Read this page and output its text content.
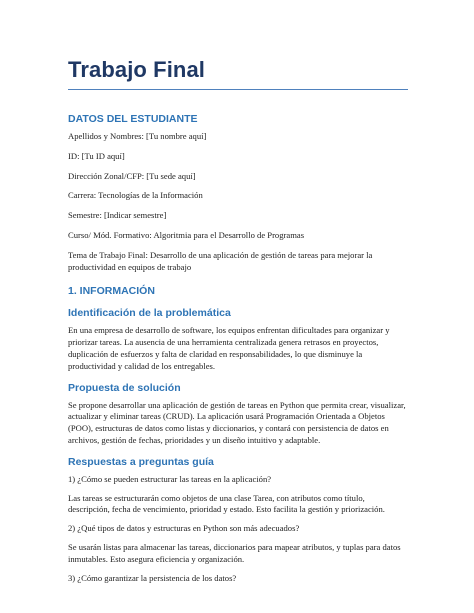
Trabajo Final
DATOS DEL ESTUDIANTE

Apellidos y Nombres: [Tu nombre aquí]

ID: [Tu ID aquí]

Dirección Zonal/CFP: [Tu sede aquí]

Carrera: Tecnologías de la Información

Semestre: [Indicar semestre]

Curso/ Mód. Formativo: Algoritmia para el Desarrollo de Programas

Tema de Trabajo Final: Desarrollo de una aplicación de gestión de tareas para mejorar la productividad en equipos de trabajo

1. INFORMACIÓN
Identificación de la problemática

En una empresa de desarrollo de software, los equipos enfrentan dificultades para organizar y priorizar tareas. La ausencia de una herramienta centralizada genera retrasos en proyectos, duplicación de esfuerzos y falta de claridad en responsabilidades, lo que disminuye la productividad y calidad de los entregables.

Propuesta de solución

Se propone desarrollar una aplicación de gestión de tareas en Python que permita crear, visualizar, actualizar y eliminar tareas (CRUD). La aplicación usará Programación Orientada a Objetos (POO), estructuras de datos como listas y diccionarios, y contará con persistencia de datos en archivos, gestión de fechas, prioridades y un diseño intuitivo y adaptable.

Respuestas a preguntas guía

1) ¿Cómo se pueden estructurar las tareas en la aplicación?

Las tareas se estructurarán como objetos de una clase Tarea, con atributos como título, descripción, fecha de vencimiento, prioridad y estado. Esto facilita la gestión y priorización.

2) ¿Qué tipos de datos y estructuras en Python son más adecuados?

Se usarán listas para almacenar las tareas, diccionarios para mapear atributos, y tuplas para datos inmutables. Esto asegura eficiencia y organización.

3) ¿Cómo garantizar la persistencia de los datos?
